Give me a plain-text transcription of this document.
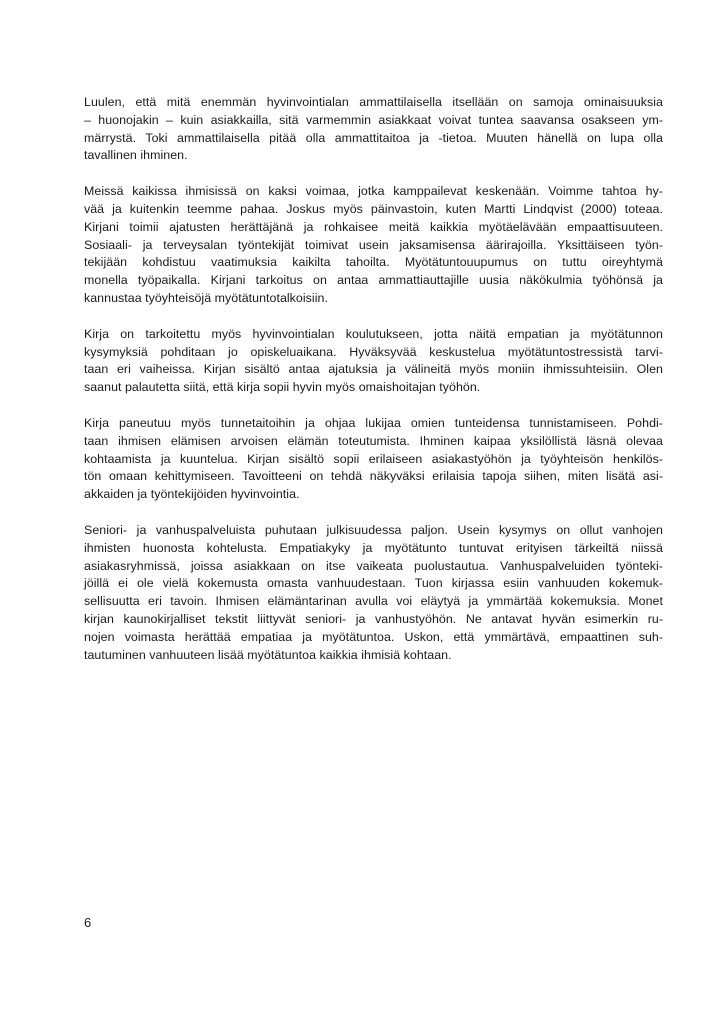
Luulen, että mitä enemmän hyvinvointialan ammattilaisella itsellään on samoja ominaisuuksia
– huonojakin – kuin asiakkailla, sitä varmemmin asiakkaat voivat tuntea saavansa osakseen ym-
märrystä. Toki ammattilaisella pitää olla ammattitaitoa ja -tietoa. Muuten hänellä on lupa olla
tavallinen ihminen.
Meissä kaikissa ihmisissä on kaksi voimaa, jotka kamppailevat keskenään. Voimme tahtoa hy-
vää ja kuitenkin teemme pahaa. Joskus myös päinvastoin, kuten Martti Lindqvist (2000) toteaa.
Kirjani toimii ajatusten herättäjänä ja rohkaisee meitä kaikkia myötäelävään empaattisuuteen.
Sosiaali- ja terveysalan työntekijät toimivat usein jaksamisensa äärirajoilla. Yksittäiseen työn-
tekijään kohdistuu vaatimuksia kaikilta tahoilta. Myötätuntouupumus on tuttu oireyhtymä
monella työpaikalla. Kirjani tarkoitus on antaa ammattiauttajille uusia näkökulmia työhönsä ja
kannustaa työyhteisöjä myötätuntotalkoisiin.
Kirja on tarkoitettu myös hyvinvointialan koulutukseen, jotta näitä empatian ja myötätunnon
kysymyksiä pohditaan jo opiskeluaikana. Hyväksyvää keskustelua myötätuntostressistä tarvi-
taan eri vaiheissa. Kirjan sisältö antaa ajatuksia ja välineitä myös moniin ihmissuhteisiin. Olen
saanut palautetta siitä, että kirja sopii hyvin myös omaishoitajan työhön.
Kirja paneutuu myös tunnetaitoihin ja ohjaa lukijaa omien tunteidensa tunnistamiseen. Pohdi-
taan ihmisen elämisen arvoisen elämän toteutumista. Ihminen kaipaa yksilöllistä läsnä olevaa
kohtaamista ja kuuntelua. Kirjan sisältö sopii erilaiseen asiakastyöhön ja työyhteisön henkilös-
tön omaan kehittymiseen. Tavoitteeni on tehdä näkyväksi erilaisia tapoja siihen, miten lisätä asi-
akkaiden ja työntekijöiden hyvinvointia.
Seniori- ja vanhuspalveluista puhutaan julkisuudessa paljon. Usein kysymys on ollut vanhojen
ihmisten huonosta kohtelusta. Empatiakyky ja myötätunto tuntuvat erityisen tärkeiltä niissä
asiakasryhmissä, joissa asiakkaan on itse vaikeata puolustautua. Vanhuspalveluiden työnteki-
jöillä ei ole vielä kokemusta omasta vanhuudestaan. Tuon kirjassa esiin vanhuuden kokemuk-
sellisuutta eri tavoin. Ihmisen elämäntarinan avulla voi eläytyä ja ymmärtää kokemuksia. Monet
kirjan kaunokirjalliset tekstit liittyvät seniori- ja vanhustyöhön. Ne antavat hyvän esimerkin ru-
nojen voimasta herättää empatiaa ja myötätuntoa. Uskon, että ymmärtävä, empaattinen suh-
tautuminen vanhuuteen lisää myötätuntoa kaikkia ihmisiä kohtaan.
6
